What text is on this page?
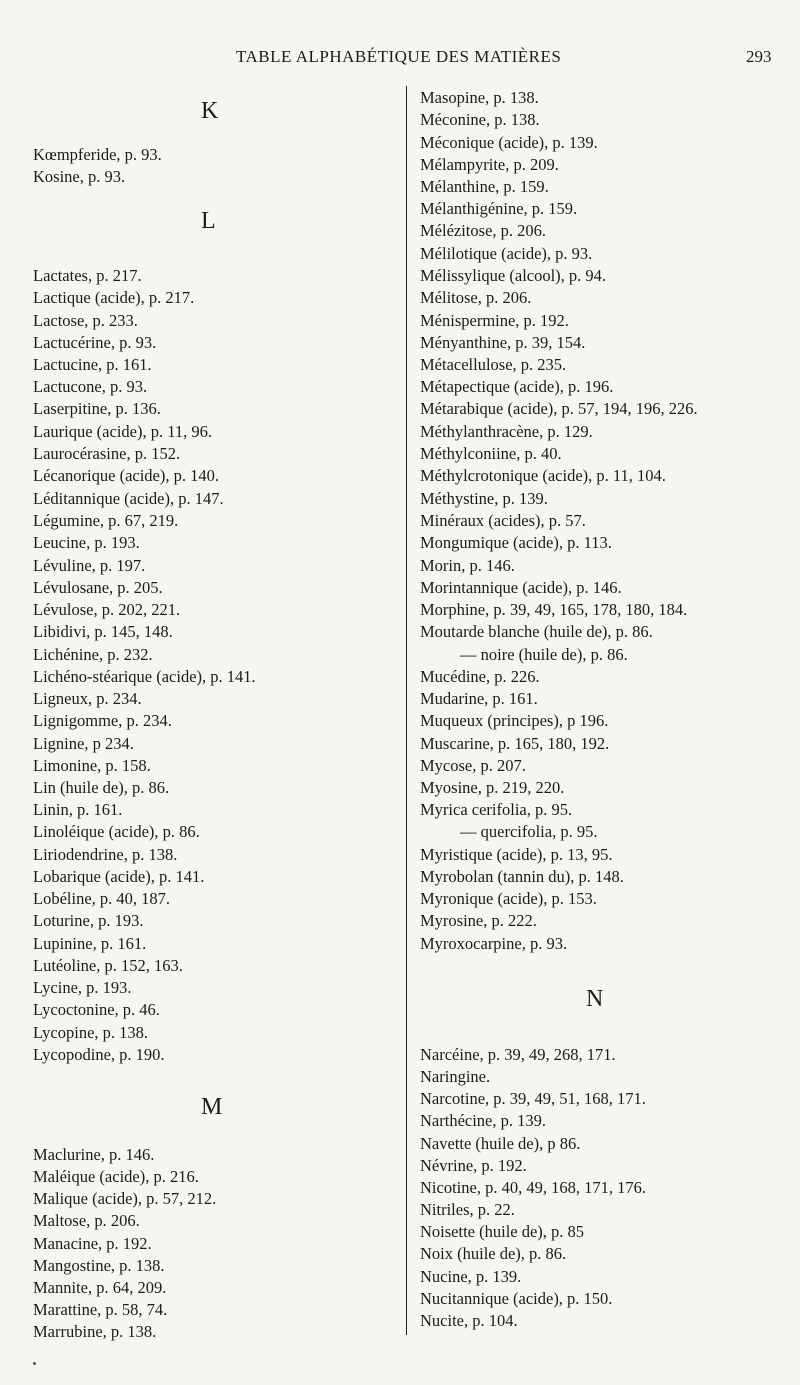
TABLE ALPHABÉTIQUE DES MATIÈRES	293
K
Kœmpferide, p. 93.
Kosine, p. 93.
L
Lactates, p. 217.
Lactique (acide), p. 217.
Lactose, p. 233.
Lactucérine, p. 93.
Lactucine, p. 161.
Lactucone, p. 93.
Laserpitine, p. 136.
Laurique (acide), p. 11, 96.
Laurocérasine, p. 152.
Lécanorique (acide), p. 140.
Léditannique (acide), p. 147.
Légumine, p. 67, 219.
Leucine, p. 193.
Lévuline, p. 197.
Lévulosane, p. 205.
Lévulose, p. 202, 221.
Libidivi, p. 145, 148.
Lichénine, p. 232.
Lichéno-stéarique (acide), p. 141.
Ligneux, p. 234.
Lignigomme, p. 234.
Lignine, p 234.
Limonine, p. 158.
Lin (huile de), p. 86.
Linin, p. 161.
Linoléique (acide), p. 86.
Liriodendrine, p. 138.
Lobarique (acide), p. 141.
Lobéline, p. 40, 187.
Loturine, p. 193.
Lupinine, p. 161.
Lutéoline, p. 152, 163.
Lycine, p. 193.
Lycoctonine, p. 46.
Lycopine, p. 138.
Lycopodine, p. 190.
M
Maclurine, p. 146.
Maléique (acide), p. 216.
Malique (acide), p. 57, 212.
Maltose, p. 206.
Manacine, p. 192.
Mangostine, p. 138.
Mannite, p. 64, 209.
Marattine, p. 58, 74.
Marrubine, p. 138.
Masopine, p. 138.
Méconine, p. 138.
Méconique (acide), p. 139.
Mélampyrite, p. 209.
Mélanthine, p. 159.
Mélanthigénine, p. 159.
Mélézitose, p. 206.
Mélilotique (acide), p. 93.
Mélissylique (alcool), p. 94.
Mélitose, p. 206.
Ménispermine, p. 192.
Ményanthine, p. 39, 154.
Métacellulose, p. 235.
Métapectique (acide), p. 196.
Métarabique (acide), p. 57, 194, 196, 226.
Méthylanthracène, p. 129.
Méthylconiine, p. 40.
Méthylcrotonique (acide), p. 11, 104.
Méthystine, p. 139.
Minéraux (acides), p. 57.
Mongumique (acide), p. 113.
Morin, p. 146.
Morintannique (acide), p. 146.
Morphine, p. 39, 49, 165, 178, 180, 184.
Moutarde blanche (huile de), p. 86.
— noire (huile de), p. 86.
Mucédine, p. 226.
Mudarine, p. 161.
Muqueux (principes), p 196.
Muscarine, p. 165, 180, 192.
Mycose, p. 207.
Myosine, p. 219, 220.
Myrica cerifolia, p. 95.
— quercifolia, p. 95.
Myristique (acide), p. 13, 95.
Myrobolan (tannin du), p. 148.
Myronique (acide), p. 153.
Myrosine, p. 222.
Myroxocarpine, p. 93.
N
Narcéine, p. 39, 49, 268, 171.
Naringine.
Narcotine, p. 39, 49, 51, 168, 171.
Narthécine, p. 139.
Navette (huile de), p 86.
Névrine, p. 192.
Nicotine, p. 40, 49, 168, 171, 176.
Nitriles, p. 22.
Noisette (huile de), p. 85
Noix (huile de), p. 86.
Nucine, p. 139.
Nucitannique (acide), p. 150.
Nucite, p. 104.
